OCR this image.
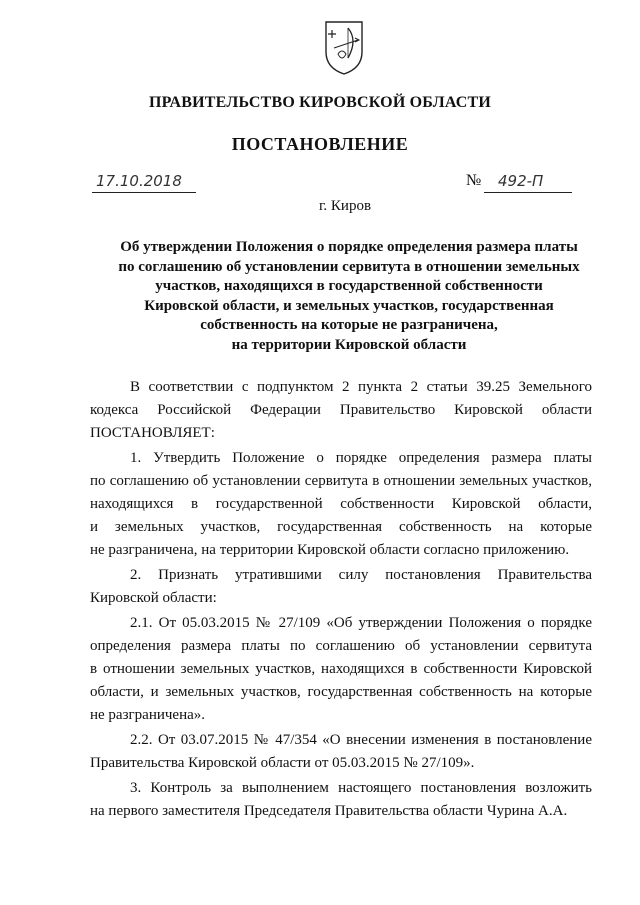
ПРАВИТЕЛЬСТВО КИРОВСКОЙ ОБЛАСТИ
ПОСТАНОВЛЕНИЕ
17.10.2018	№	492-П
г. Киров
Об утверждении Положения о порядке определения размера платы
по соглашению об установлении сервитута в отношении земельных
участков, находящихся в государственной собственности
Кировской области, и земельных участков, государственная
собственность на которые не разграничена,
на территории Кировской области
В соответствии с подпунктом 2 пункта 2 статьи 39.25 Земельного
кодекса Российской Федерации Правительство Кировской области
ПОСТАНОВЛЯЕТ:
1. Утвердить Положение о порядке определения размера платы
по соглашению об установлении сервитута в отношении земельных участков,
находящихся в государственной собственности Кировской области,
и земельных участков, государственная собственность на которые
не разграничена, на территории Кировской области согласно приложению.
2. Признать утратившими силу постановления Правительства
Кировской области:
2.1. От 05.03.2015 № 27/109 «Об утверждении Положения о порядке
определения размера платы по соглашению об установлении сервитута
в отношении земельных участков, находящихся в собственности Кировской
области, и земельных участков, государственная собственность на которые
не разграничена».
2.2. От 03.07.2015 № 47/354 «О внесении изменения в постановление
Правительства Кировской области от 05.03.2015 № 27/109».
3. Контроль за выполнением настоящего постановления возложить
на первого заместителя Председателя Правительства области Чурина А.А.
